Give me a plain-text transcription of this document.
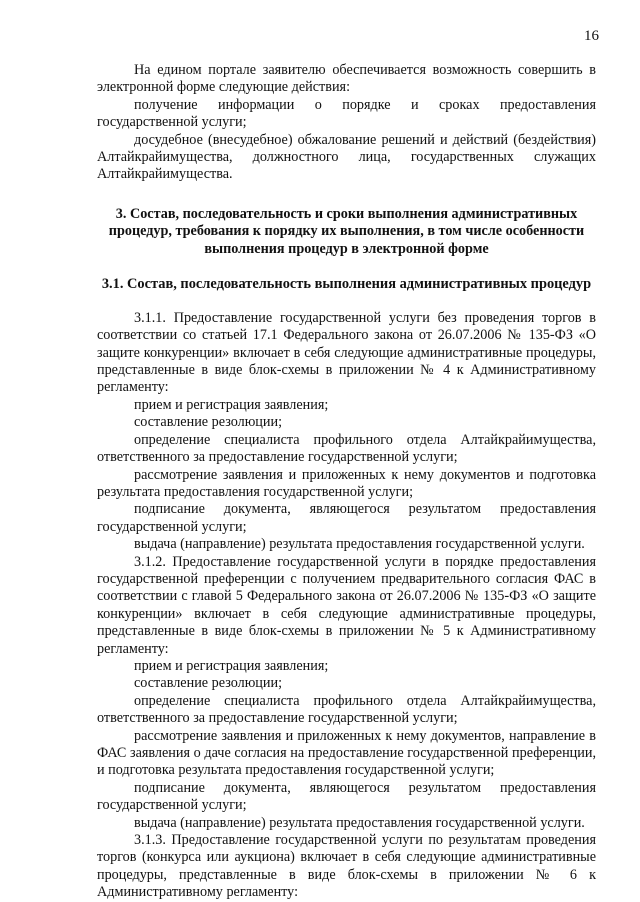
16

На едином портале заявителю обеспечивается возможность совершить в электронной форме следующие действия:

получение информации о порядке и сроках предоставления государственной услуги;

досудебное (внесудебное) обжалование решений и действий (бездействия) Алтайкрайимущества, должностного лица, государственных служащих Алтайкрайимущества.

3. Состав, последовательность и сроки выполнения административных процедур, требования к порядку их выполнения, в том числе особенности выполнения процедур в электронной форме

3.1. Состав, последовательность выполнения административных процедур

3.1.1. Предоставление государственной услуги без проведения торгов в соответствии со статьей 17.1 Федерального закона от 26.07.2006 № 135-ФЗ «О защите конкуренции» включает в себя следующие административные процедуры, представленные в виде блок-схемы в приложении № 4 к Административному регламенту:

прием и регистрация заявления;

составление резолюции;

определение специалиста профильного отдела Алтайкрайимущества, ответственного за предоставление государственной услуги;

рассмотрение заявления и приложенных к нему документов и подготовка результата предоставления государственной услуги;

подписание документа, являющегося результатом предоставления государственной услуги;

выдача (направление) результата предоставления государственной услуги.

3.1.2. Предоставление государственной услуги в порядке предоставления государственной преференции с получением предварительного согласия ФАС в соответствии с главой 5 Федерального закона от 26.07.2006 № 135-ФЗ «О защите конкуренции» включает в себя следующие административные процедуры, представленные в виде блок-схемы в приложении № 5 к Административному регламенту:

прием и регистрация заявления;

составление резолюции;

определение специалиста профильного отдела Алтайкрайимущества, ответственного за предоставление государственной услуги;

рассмотрение заявления и приложенных к нему документов, направление в ФАС заявления о даче согласия на предоставление государственной преференции, и подготовка результата предоставления государственной услуги;

подписание документа, являющегося результатом предоставления государственной услуги;

выдача (направление) результата предоставления государственной услуги.

3.1.3. Предоставление государственной услуги по результатам проведения торгов (конкурса или аукциона) включает в себя следующие административные процедуры, представленные в виде блок-схемы в приложении № 6 к Административному регламенту:
